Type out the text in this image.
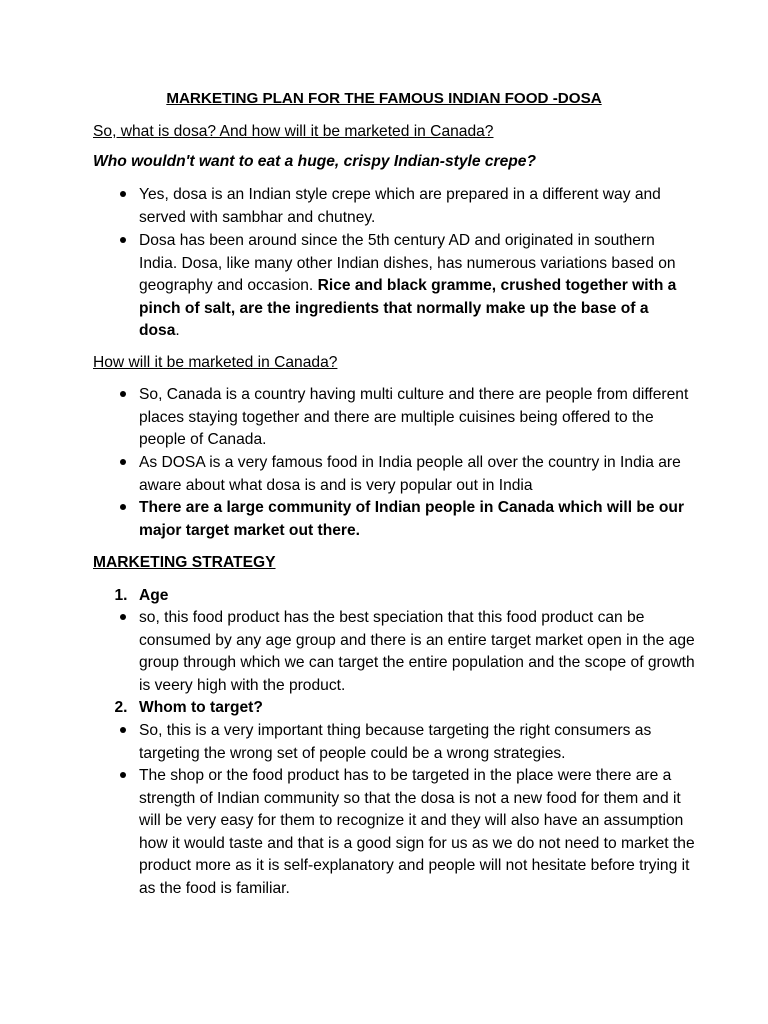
MARKETING PLAN FOR THE FAMOUS INDIAN FOOD -DOSA
So, what is dosa? And how will it be marketed in Canada?
Who wouldn't want to eat a huge, crispy Indian-style crepe?
Yes, dosa is an Indian style crepe which are prepared in a different way and served with sambhar and chutney.
Dosa has been around since the 5th century AD and originated in southern India. Dosa, like many other Indian dishes, has numerous variations based on geography and occasion. Rice and black gramme, crushed together with a pinch of salt, are the ingredients that normally make up the base of a dosa.
How will it be marketed in Canada?
So, Canada is a country having multi culture and there are people from different places staying together and there are multiple cuisines being offered to the people of Canada.
As DOSA is a very famous food in India people all over the country in India are aware about what dosa is and is very popular out in India
There are a large community of Indian people in Canada which will be our major target market out there.
MARKETING STRATEGY
1. Age
so, this food product has the best speciation that this food product can be consumed by any age group and there is an entire target market open in the age group through which we can target the entire population and the scope of growth is veery high with the product.
2. Whom to target?
So, this is a very important thing because targeting the right consumers as targeting the wrong set of people could be a wrong strategies.
The shop or the food product has to be targeted in the place were there are a strength of Indian community so that the dosa is not a new food for them and it will be very easy for them to recognize it and they will also have an assumption how it would taste and that is a good sign for us as we do not need to market the product more as it is self-explanatory and people will not hesitate before trying it as the food is familiar.
